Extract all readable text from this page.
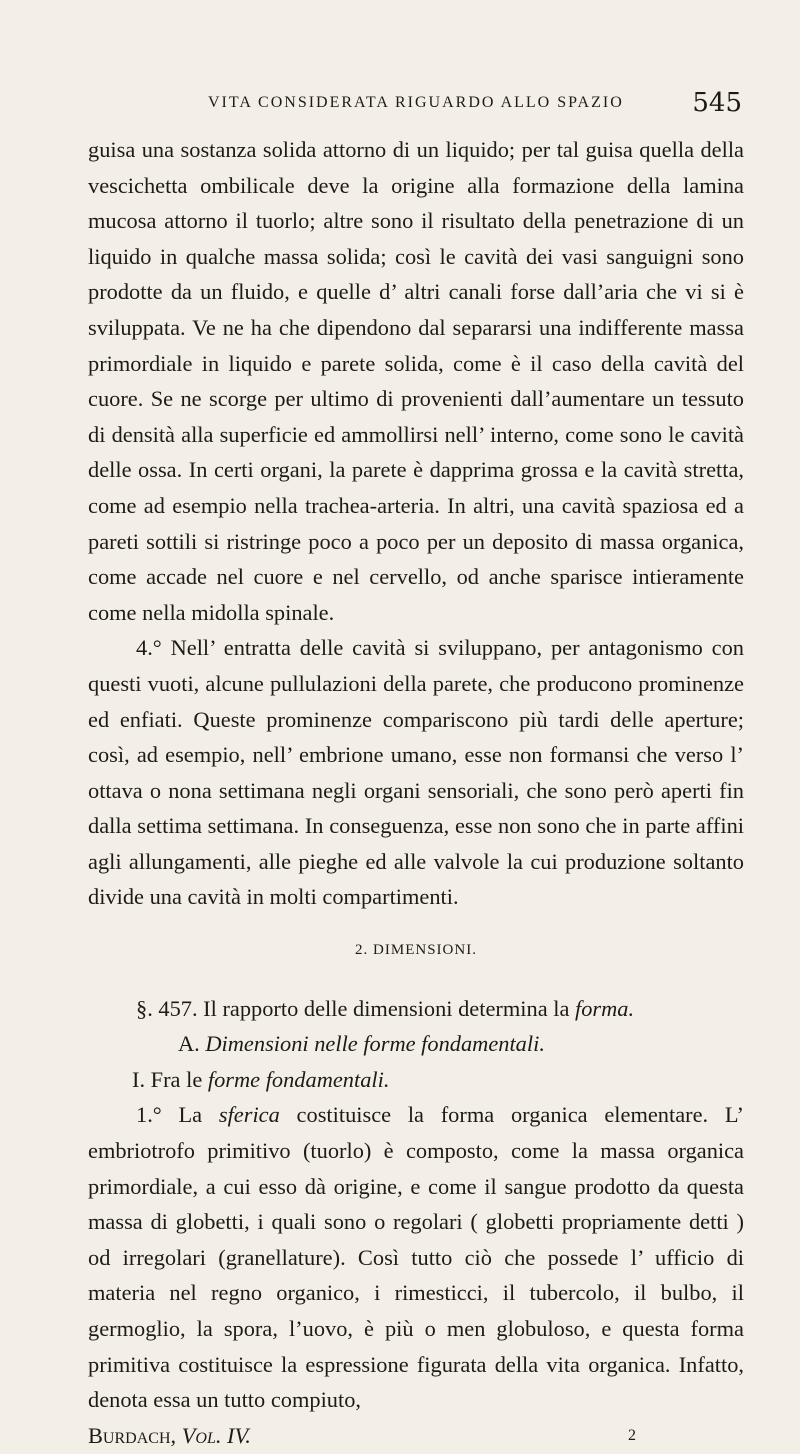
VITA CONSIDERATA RIGUARDO ALLO SPAZIO	545

guisa una sostanza solida attorno di un liquido; per tal guisa quella della vescichetta ombilicale deve la origine alla formazione della lamina mucosa attorno il tuorlo; altre sono il risultato della penetrazione di un liquido in qualche massa solida; così le cavità dei vasi sanguigni sono prodotte da un fluido, e quelle d’ altri canali forse dall’aria che vi si è sviluppata. Ve ne ha che dipendono dal separarsi una indifferente massa primordiale in liquido e parete solida, come è il caso della cavità del cuore. Se ne scorge per ultimo di provenienti dall’aumentare un tessuto di densità alla superficie ed ammollirsi nell’ interno, come sono le cavità delle ossa. In certi organi, la parete è dapprima grossa e la cavità stretta, come ad esempio nella trachea-arteria. In altri, una cavità spaziosa ed a pareti sottili si ristringe poco a poco per un deposito di massa organica, come accade nel cuore e nel cervello, od anche sparisce intieramente come nella midolla spinale.

4.° Nell’ entratta delle cavità si sviluppano, per antagonismo con questi vuoti, alcune pullulazioni della parete, che producono prominenze ed enfiati. Queste prominenze compariscono più tardi delle aperture; così, ad esempio, nell’ embrione umano, esse non formansi che verso l’ ottava o nona settimana negli organi sensoriali, che sono però aperti fin dalla settima settimana. In conseguenza, esse non sono che in parte affini agli allungamenti, alle pieghe ed alle valvole la cui produzione soltanto divide una cavità in molti compartimenti.

2. DIMENSIONI.

§. 457. Il rapporto delle dimensioni determina la forma.

A. Dimensioni nelle forme fondamentali.

I. Fra le forme fondamentali.

1.° La sferica costituisce la forma organica elementare. L’ embriotrofo primitivo (tuorlo) è composto, come la massa organica primordiale, a cui esso dà origine, e come il sangue prodotto da questa massa di globetti, i quali sono o regolari ( globetti propriamente detti ) od irregolari (granellature). Così tutto ciò che possede l’ ufficio di materia nel regno organico, i rimesticci, il tubercolo, il bulbo, il germoglio, la spora, l’uovo, è più o men globuloso, e questa forma primitiva costituisce la espressione figurata della vita organica. Infatto, denota essa un tutto compiuto,

Burdach, Vol. IV.	2
